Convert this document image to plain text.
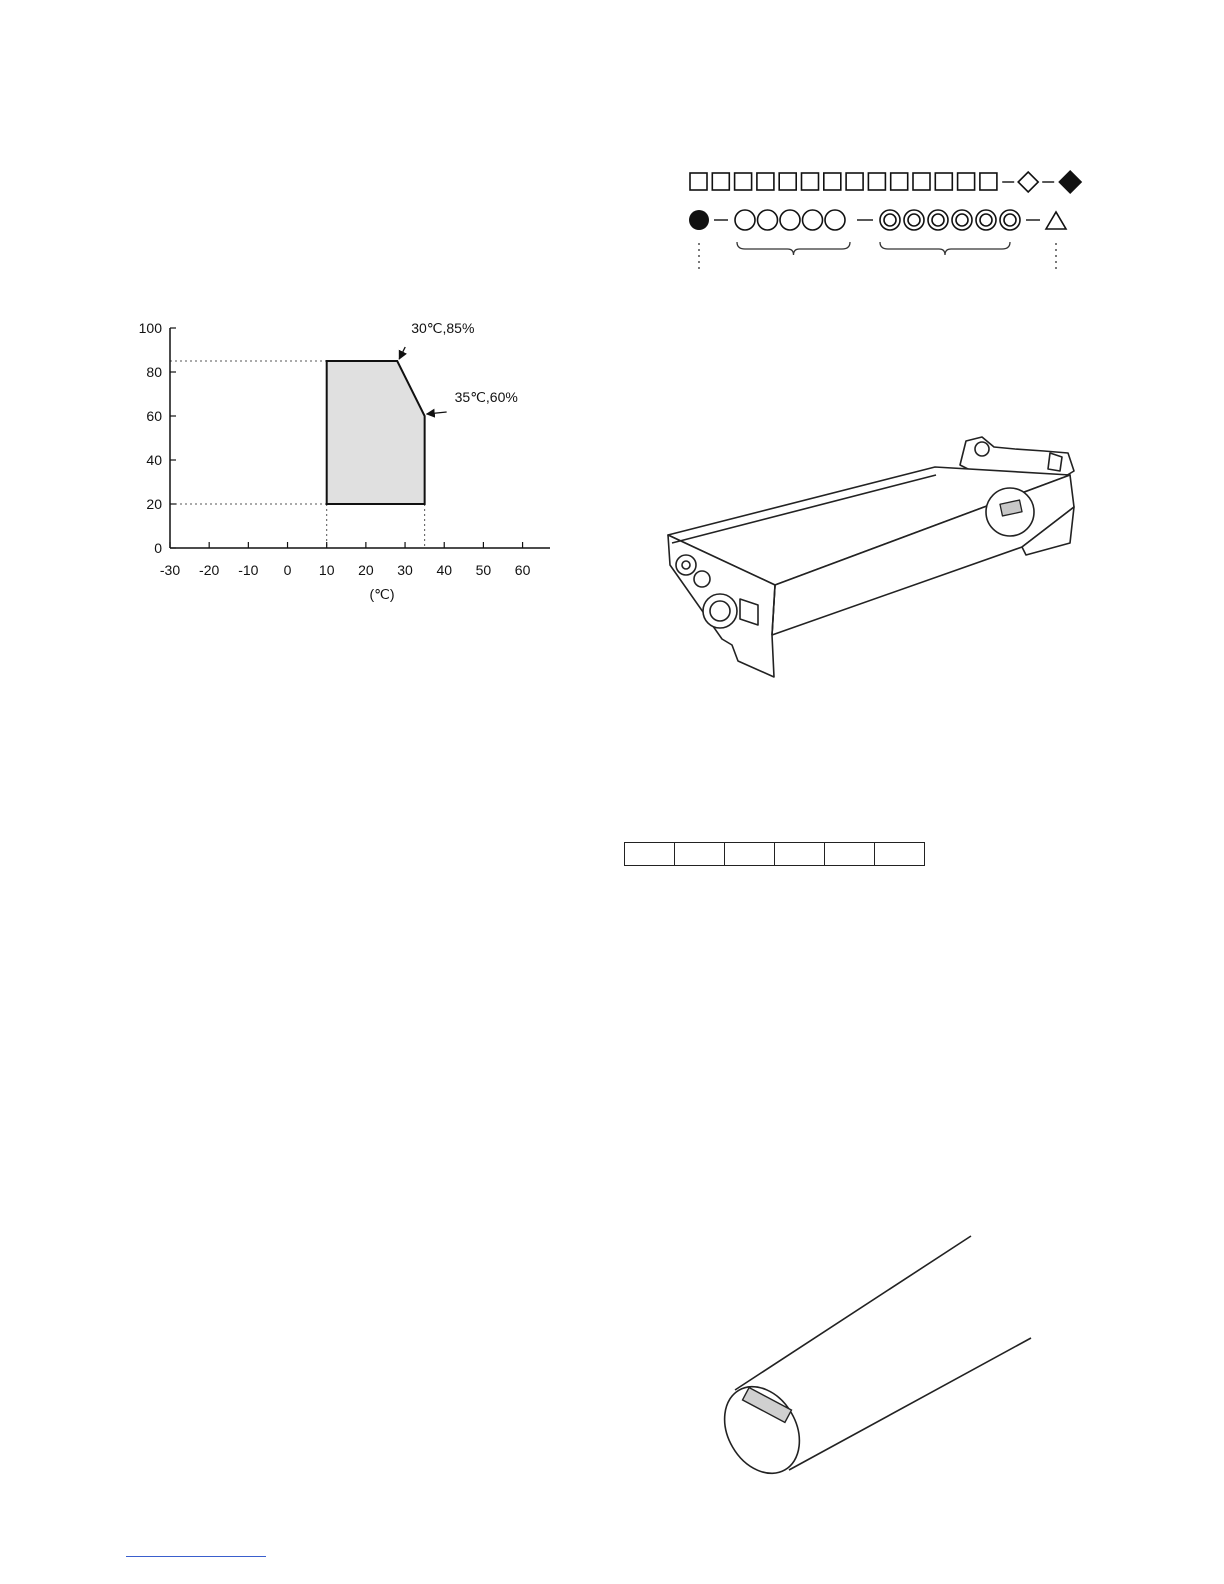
0
20
40
60
80
100
-30 -20 -10 0 10 20 30 40 50 60
30℃,85%
35℃,60%
(℃)
